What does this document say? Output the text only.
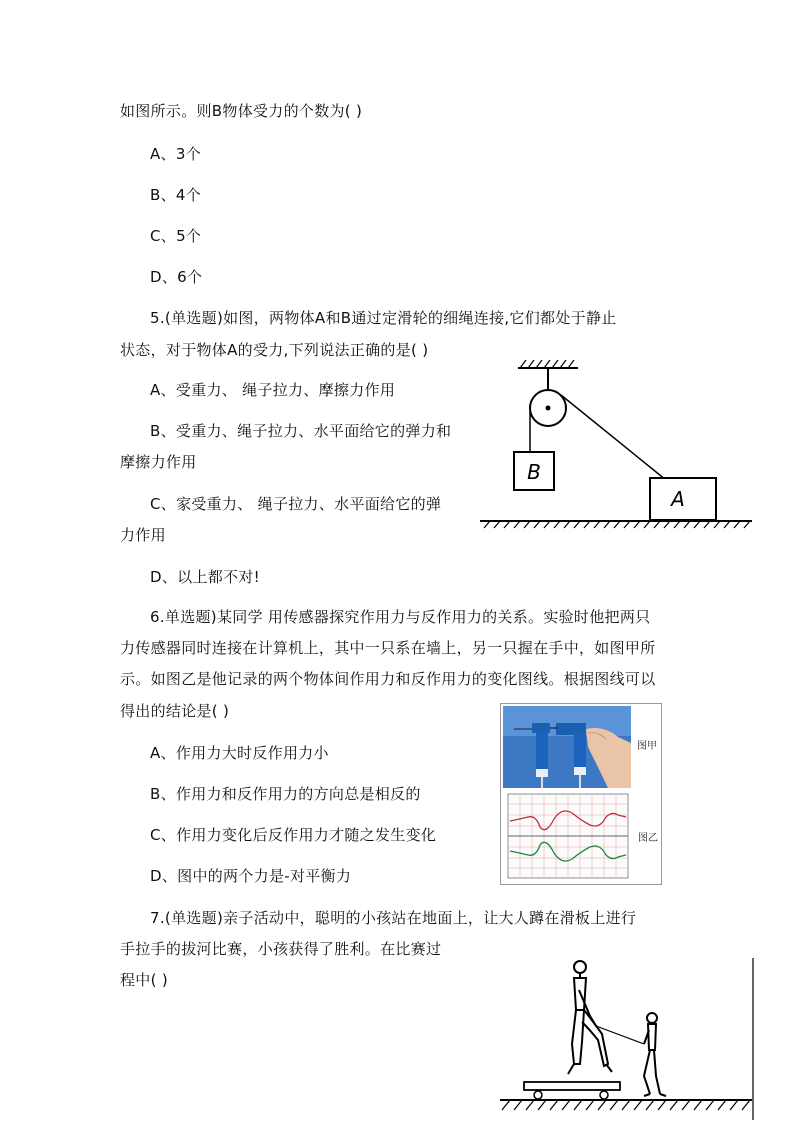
如图所示。则B物体受力的个数为( )
A、3个
B、4个
C、5个
D、6个
5.(单选题)如图，两物体A和B通过定滑轮的细绳连接,它们都处于静止
状态，对于物体A的受力,下列说法正确的是( )
A、受重力、 绳子拉力、摩擦力作用
B、受重力、绳子拉力、水平面给它的弹力和
摩擦力作用
C、家受重力、 绳子拉力、水平面给它的弹
力作用
D、以上都不对!
B
A
6.单选题)某同学 用传感器探究作用力与反作用力的关系。实验时他把两只
力传感器同时连接在计算机上，其中一只系在墙上，另一只握在手中，如图甲所
示。如图乙是他记录的两个物体间作用力和反作用力的变化图线。根据图线可以
得出的结论是( )
A、作用力大时反作用力小
B、作用力和反作用力的方向总是相反的
C、作用力变化后反作用力才随之发生变化
D、图中的两个力是-对平衡力
图甲
图乙
7.(单选题)亲子活动中，聪明的小孩站在地面上，让大人蹲在滑板上进行
手拉手的拔河比赛，小孩获得了胜利。在比赛过
程中( )
